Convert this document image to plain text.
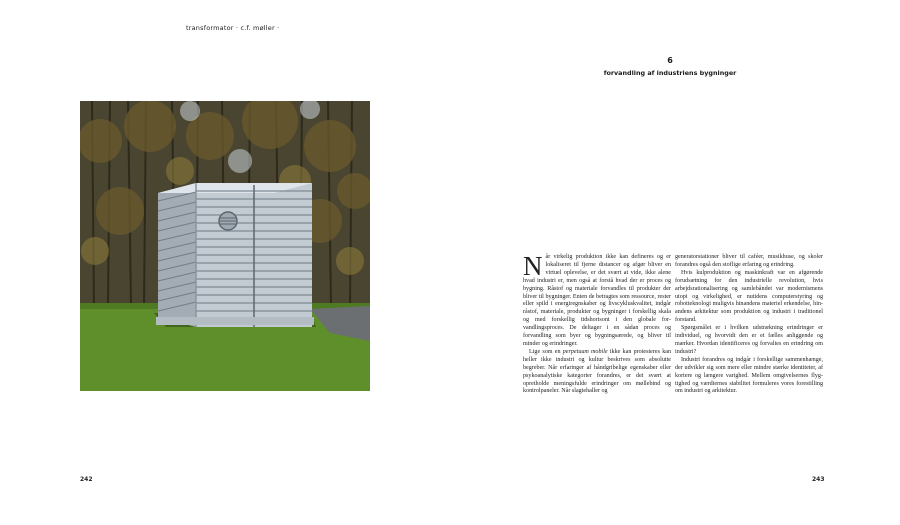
transformator · c.f. møller ·
242
6
forvandling af industriens bygninger

Når virkelig produktion ikke kan defineres og er lokaliseret til fjerne distancer og afgør bliver en virtuel oplevelse, er det svært at vide, ikke alene hvad industri er, men også at forstå hvad der er proces og bygning. Råstof og materiale forvandles til produkter der bliver til bygninger. Enten de betragtes som ressource, rester eller spild i energiregnskaber og livscykluskvalitet, indgår råstof, materiale, produkter og bygninger i forskellig skala og med forskellig tidshorisont i den globale forvandlingsproces. De deltager i en sådan proces og forvandling som byer og bygningsærede, og bliver til minder og erindringer.

Lige som en perpetuum mobile ikke kan protesteres kan heller ikke industri og kultur beskrives som absolutte begreber. Når erfaringer af håndgribelige egenskaber eller psykoanalytiske kategorier forandres, er det svært at opretholde meningsfulde erindringer om møllebind og kontrolpaneler. Når slagtehaller og

generatorstationer bliver til caféer, musikhuse, og skoler forandres også den stoflige erfaring og erindring.

Hvis kulproduktion og maskinkraft var en afgørende forudsætning for den industrielle revolution, hvis arbejdsrationalisering og samlebåndet var modernismens utopi og virkelighed, er nutidens computerstyring og robotteknologi muligvis hinandens materiel erkendelse, hinandens arkitektur som produktion og industri i traditionel forstand.

Spørgsmålet er i hvilken udstrækning erindringer er individuel, og hvorvidt den er et fælles anliggende og mærker. Hvordan identificeres og forvaltes en erindring om industri?

Industri forandres og indgår i forskellige sammenhænge, der udvikler sig som mere eller mindre stærke identiteter, af kortere og længere varighed. Mellem omgivelsernes flygtighed og værdiernes stabilitet formuleres vores forestilling om industri og arkitektur.

243
